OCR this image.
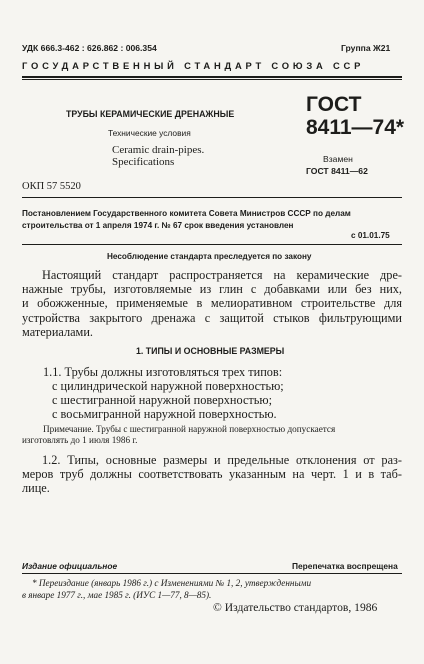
УДК 666.3-462 : 626.862 : 006.354	Группа Ж21
ГОСУДАРСТВЕННЫЙ СТАНДАРТ СОЮЗА ССР
ТРУБЫ КЕРАМИЧЕСКИЕ ДРЕНАЖНЫЕ
Технические условия
Ceramic drain-pipes.
Specifications
ОКП 57 5520
ГОСТ
8411—74*
Взамен
ГОСТ 8411—62
Постановлением Государственного комитета Совета Министров СССР по делам
строительства от 1 апреля 1974 г. № 67 срок введения установлен
с 01.01.75
Несоблюдение стандарта преследуется по закону
Настоящий стандарт распространяется на керамические дре-
нажные трубы, изготовляемые из глин с добавками или без них,
и обожженные, применяемые в мелиоративном строительстве для
устройства закрытого дренажа с защитой стыков фильтрующими
материалами.
1. ТИПЫ И ОСНОВНЫЕ РАЗМЕРЫ
1.1. Трубы должны изготовляться трех типов:
с цилиндрической наружной поверхностью;
с шестигранной наружной поверхностью;
с восьмигранной наружной поверхностью.
Примечание. Трубы с шестигранной наружной поверхностью допускается
изготовлять до 1 июля 1986 г.
1.2. Типы, основные размеры и предельные отклонения от раз-
меров труб должны соответствовать указанным на черт. 1 и в таб-
лице.
Издание официальное	Перепечатка воспрещена
* Переиздание (январь 1986 г.) с Изменениями № 1, 2, утвержденными
в январе 1977 г., мае 1985 г. (ИУС 1—77, 8—85).
© Издательство стандартов, 1986
